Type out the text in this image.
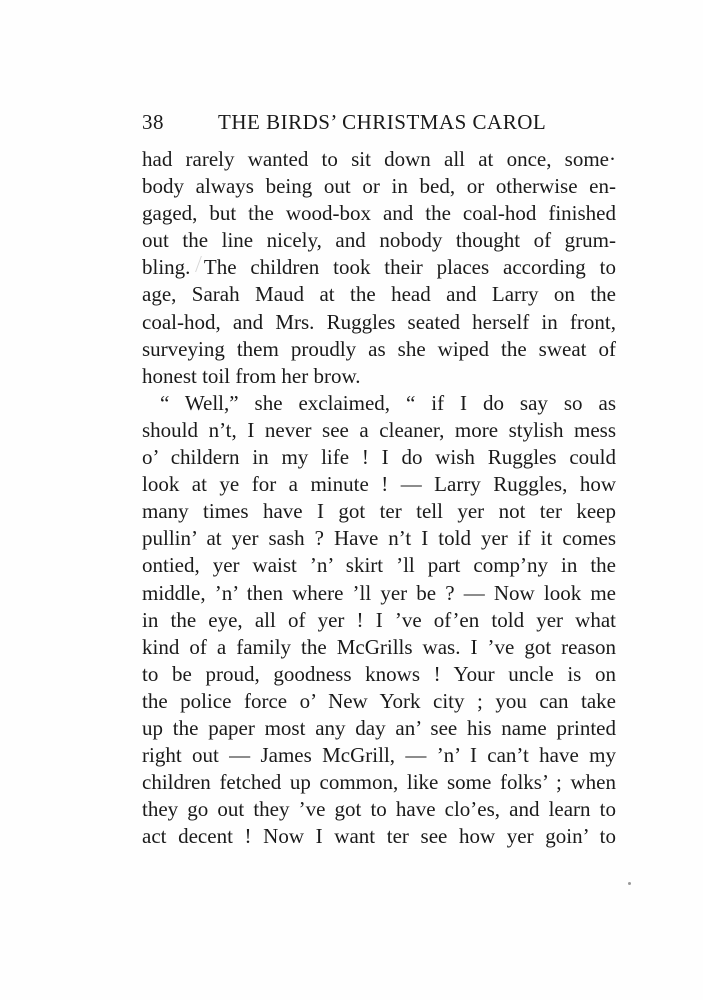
38	THE BIRDS’ CHRISTMAS CAROL
had rarely wanted to sit down all at once, some·
body always being out or in bed, or otherwise en-
gaged, but the wood-box and the coal-hod finished
out the line nicely, and nobody thought of grum-
bling. The children took their places according to
age, Sarah Maud at the head and Larry on the
coal-hod, and Mrs. Ruggles seated herself in front,
surveying them proudly as she wiped the sweat of
honest toil from her brow.
“ Well,” she exclaimed, “ if I do say so as
should n’t, I never see a cleaner, more stylish mess
o’ childern in my life ! I do wish Ruggles could
look at ye for a minute ! — Larry Ruggles, how
many times have I got ter tell yer not ter keep
pullin’ at yer sash ? Have n’t I told yer if it comes
ontied, yer waist ’n’ skirt ’ll part comp’ny in the
middle, ’n’ then where ’ll yer be ? — Now look me
in the eye, all of yer ! I ’ve of’en told yer what
kind of a family the McGrills was. I ’ve got reason
to be proud, goodness knows ! Your uncle is on
the police force o’ New York city ; you can take
up the paper most any day an’ see his name printed
right out — James McGrill, — ’n’ I can’t have my
children fetched up common, like some folks’ ; when
they go out they ’ve got to have clo’es, and learn to
act decent ! Now I want ter see how yer goin’ to
